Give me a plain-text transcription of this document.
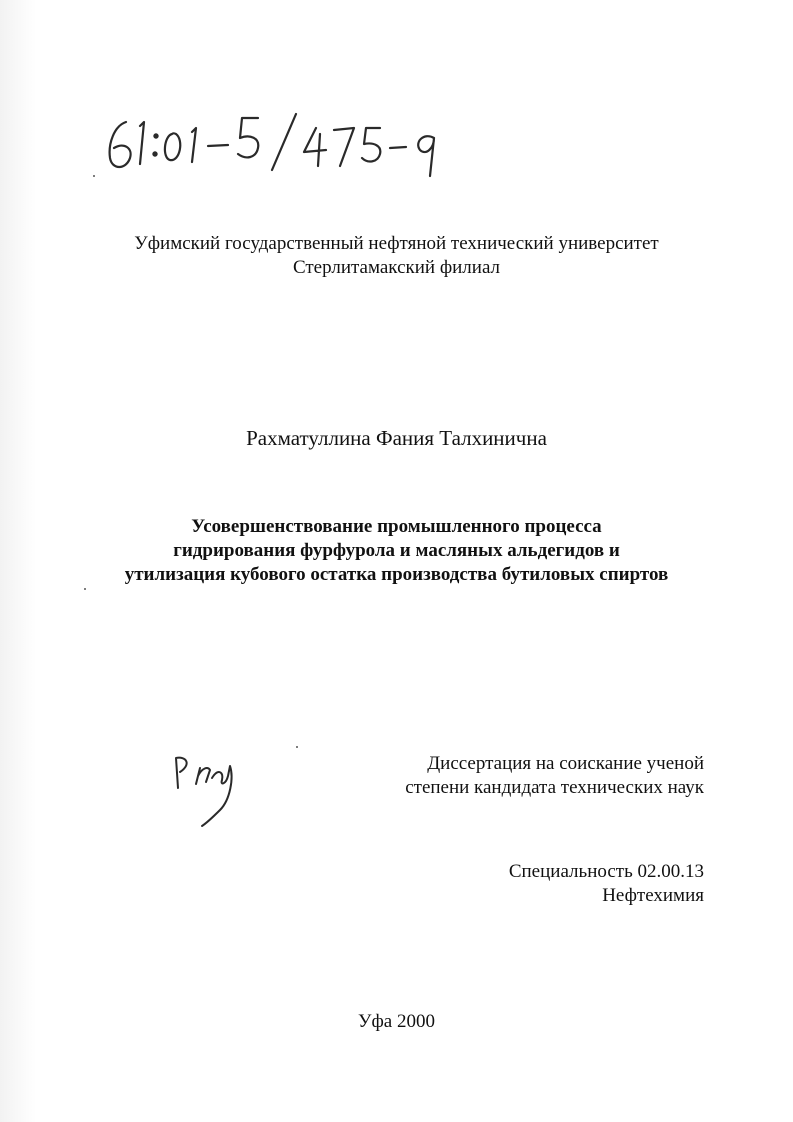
Уфимский государственный нефтяной технический университет
Стерлитамакский филиал
Рахматуллина Фания Талхинична
Усовершенствование промышленного процесса
гидрирования фурфурола и масляных альдегидов и
утилизация кубового остатка производства бутиловых спиртов
Диссертация на соискание ученой
степени кандидата технических наук
Специальность 02.00.13
Нефтехимия
Уфа 2000
